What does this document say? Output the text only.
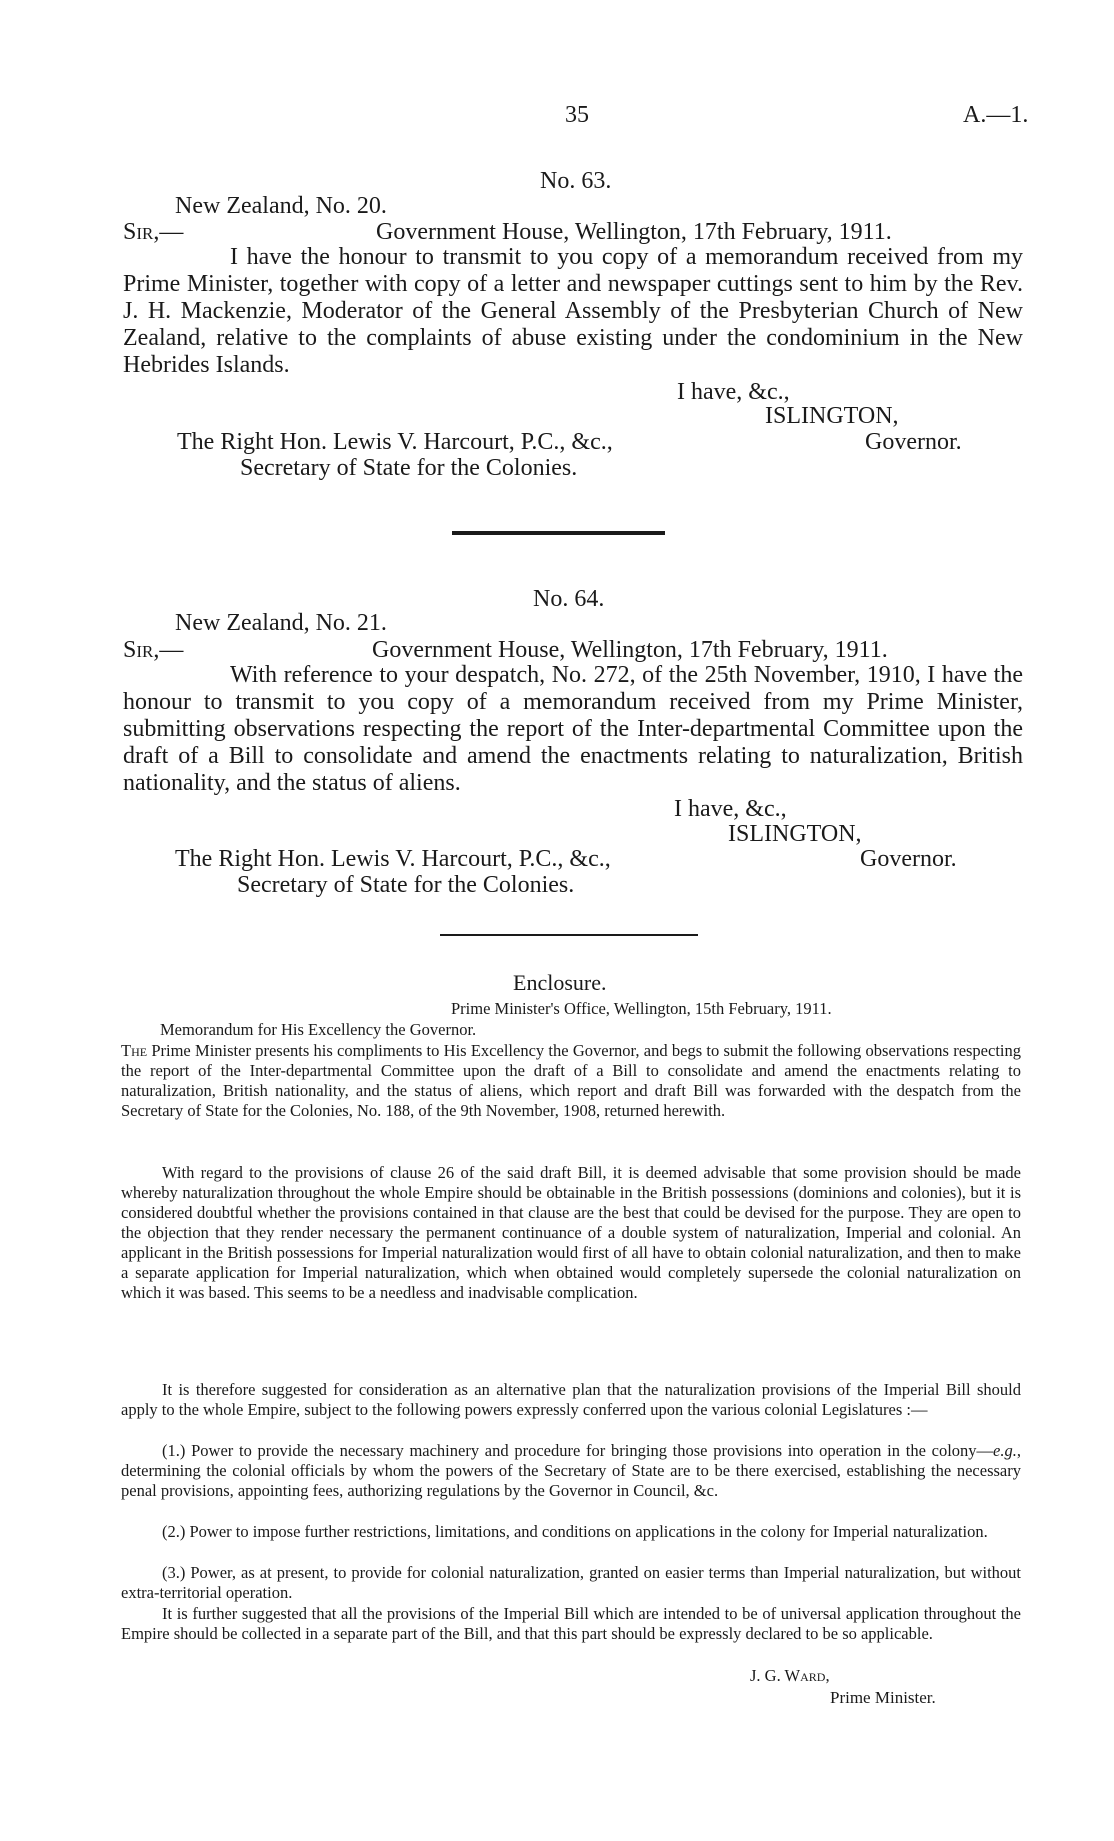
35	A.—1.
No. 63.
New Zealand, No. 20.
Sir,—	Government House, Wellington, 17th February, 1911.
I have the honour to transmit to you copy of a memorandum received from my Prime Minister, together with copy of a letter and newspaper cuttings sent to him by the Rev. J. H. Mackenzie, Moderator of the General Assembly of the Presbyterian Church of New Zealand, relative to the complaints of abuse existing under the condominium in the New Hebrides Islands.
I have, &c.,
ISLINGTON,
The Right Hon. Lewis V. Harcourt, P.C., &c.,	Governor.
Secretary of State for the Colonies.
No. 64.
New Zealand, No. 21.
Sir,—	Government House, Wellington, 17th February, 1911.
With reference to your despatch, No. 272, of the 25th November, 1910, I have the honour to transmit to you copy of a memorandum received from my Prime Minister, submitting observations respecting the report of the Inter-departmental Committee upon the draft of a Bill to consolidate and amend the enactments relating to naturalization, British nationality, and the status of aliens.
I have, &c.,
ISLINGTON,
The Right Hon. Lewis V. Harcourt, P.C., &c.,	Governor.
Secretary of State for the Colonies.
Enclosure.
Prime Minister's Office, Wellington, 15th February, 1911.
Memorandum for His Excellency the Governor.
The Prime Minister presents his compliments to His Excellency the Governor, and begs to submit the following observations respecting the report of the Inter-departmental Committee upon the draft of a Bill to consolidate and amend the enactments relating to naturalization, British nationality, and the status of aliens, which report and draft Bill was forwarded with the despatch from the Secretary of State for the Colonies, No. 188, of the 9th November, 1908, returned herewith.
With regard to the provisions of clause 26 of the said draft Bill, it is deemed advisable that some provision should be made whereby naturalization throughout the whole Empire should be obtainable in the British possessions (dominions and colonies), but it is considered doubtful whether the provisions contained in that clause are the best that could be devised for the purpose. They are open to the objection that they render necessary the permanent continuance of a double system of naturalization, Imperial and colonial. An applicant in the British possessions for Imperial naturalization would first of all have to obtain colonial naturalization, and then to make a separate application for Imperial naturalization, which when obtained would completely supersede the colonial naturalization on which it was based. This seems to be a needless and inadvisable complication.
It is therefore suggested for consideration as an alternative plan that the naturalization provisions of the Imperial Bill should apply to the whole Empire, subject to the following powers expressly conferred upon the various colonial Legislatures :—
(1.) Power to provide the necessary machinery and procedure for bringing those provisions into operation in the colony—e.g., determining the colonial officials by whom the powers of the Secretary of State are to be there exercised, establishing the necessary penal provisions, appointing fees, authorizing regulations by the Governor in Council, &c.
(2.) Power to impose further restrictions, limitations, and conditions on applications in the colony for Imperial naturalization.
(3.) Power, as at present, to provide for colonial naturalization, granted on easier terms than Imperial naturalization, but without extra-territorial operation.
It is further suggested that all the provisions of the Imperial Bill which are intended to be of universal application throughout the Empire should be collected in a separate part of the Bill, and that this part should be expressly declared to be so applicable.
J. G. Ward,
Prime Minister.
